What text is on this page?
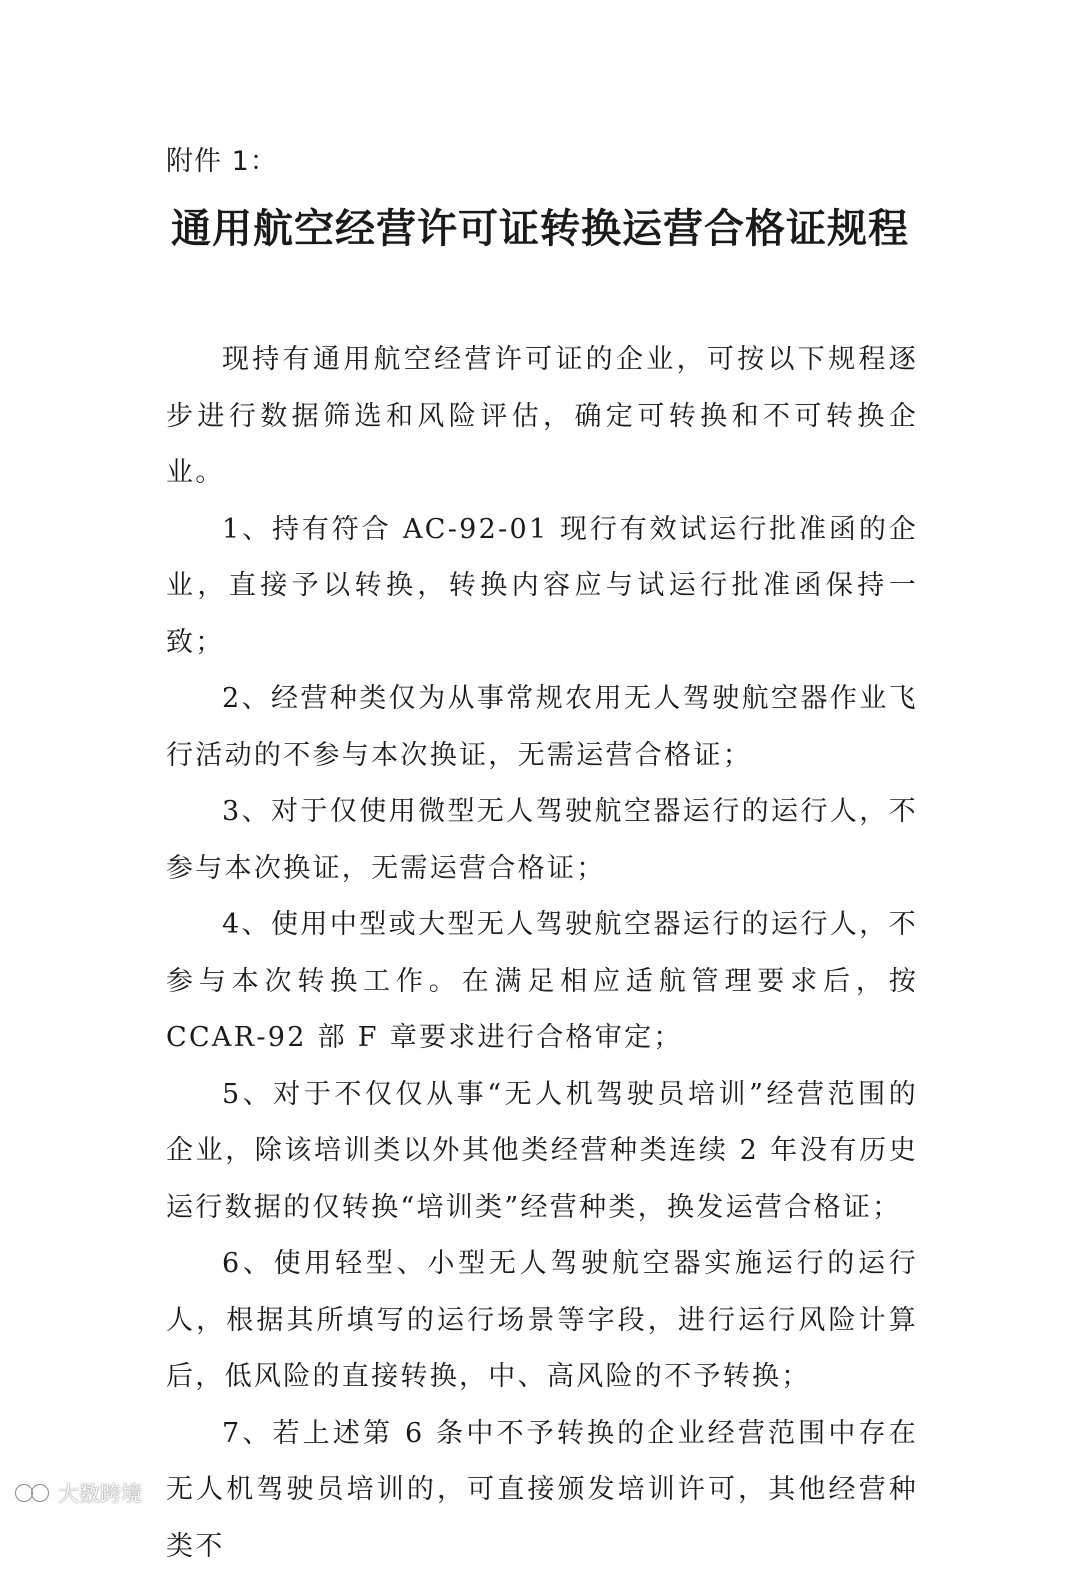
附件 1：
通用航空经营许可证转换运营合格证规程

现持有通用航空经营许可证的企业，可按以下规程逐步进行数据筛选和风险评估，确定可转换和不可转换企业。

1、持有符合 AC-92-01 现行有效试运行批准函的企业，直接予以转换，转换内容应与试运行批准函保持一致；

2、经营种类仅为从事常规农用无人驾驶航空器作业飞行活动的不参与本次换证，无需运营合格证；

3、对于仅使用微型无人驾驶航空器运行的运行人，不参与本次换证，无需运营合格证；

4、使用中型或大型无人驾驶航空器运行的运行人，不参与本次转换工作。在满足相应适航管理要求后，按 CCAR-92 部 F 章要求进行合格审定；

5、对于不仅仅从事“无人机驾驶员培训”经营范围的企业，除该培训类以外其他类经营种类连续 2 年没有历史运行数据的仅转换“培训类”经营种类，换发运营合格证；

6、使用轻型、小型无人驾驶航空器实施运行的运行人，根据其所填写的运行场景等字段，进行运行风险计算后，低风险的直接转换，中、高风险的不予转换；

7、若上述第 6 条中不予转换的企业经营范围中存在无人机驾驶员培训的，可直接颁发培训许可，其他经营种类不

大数跨境
